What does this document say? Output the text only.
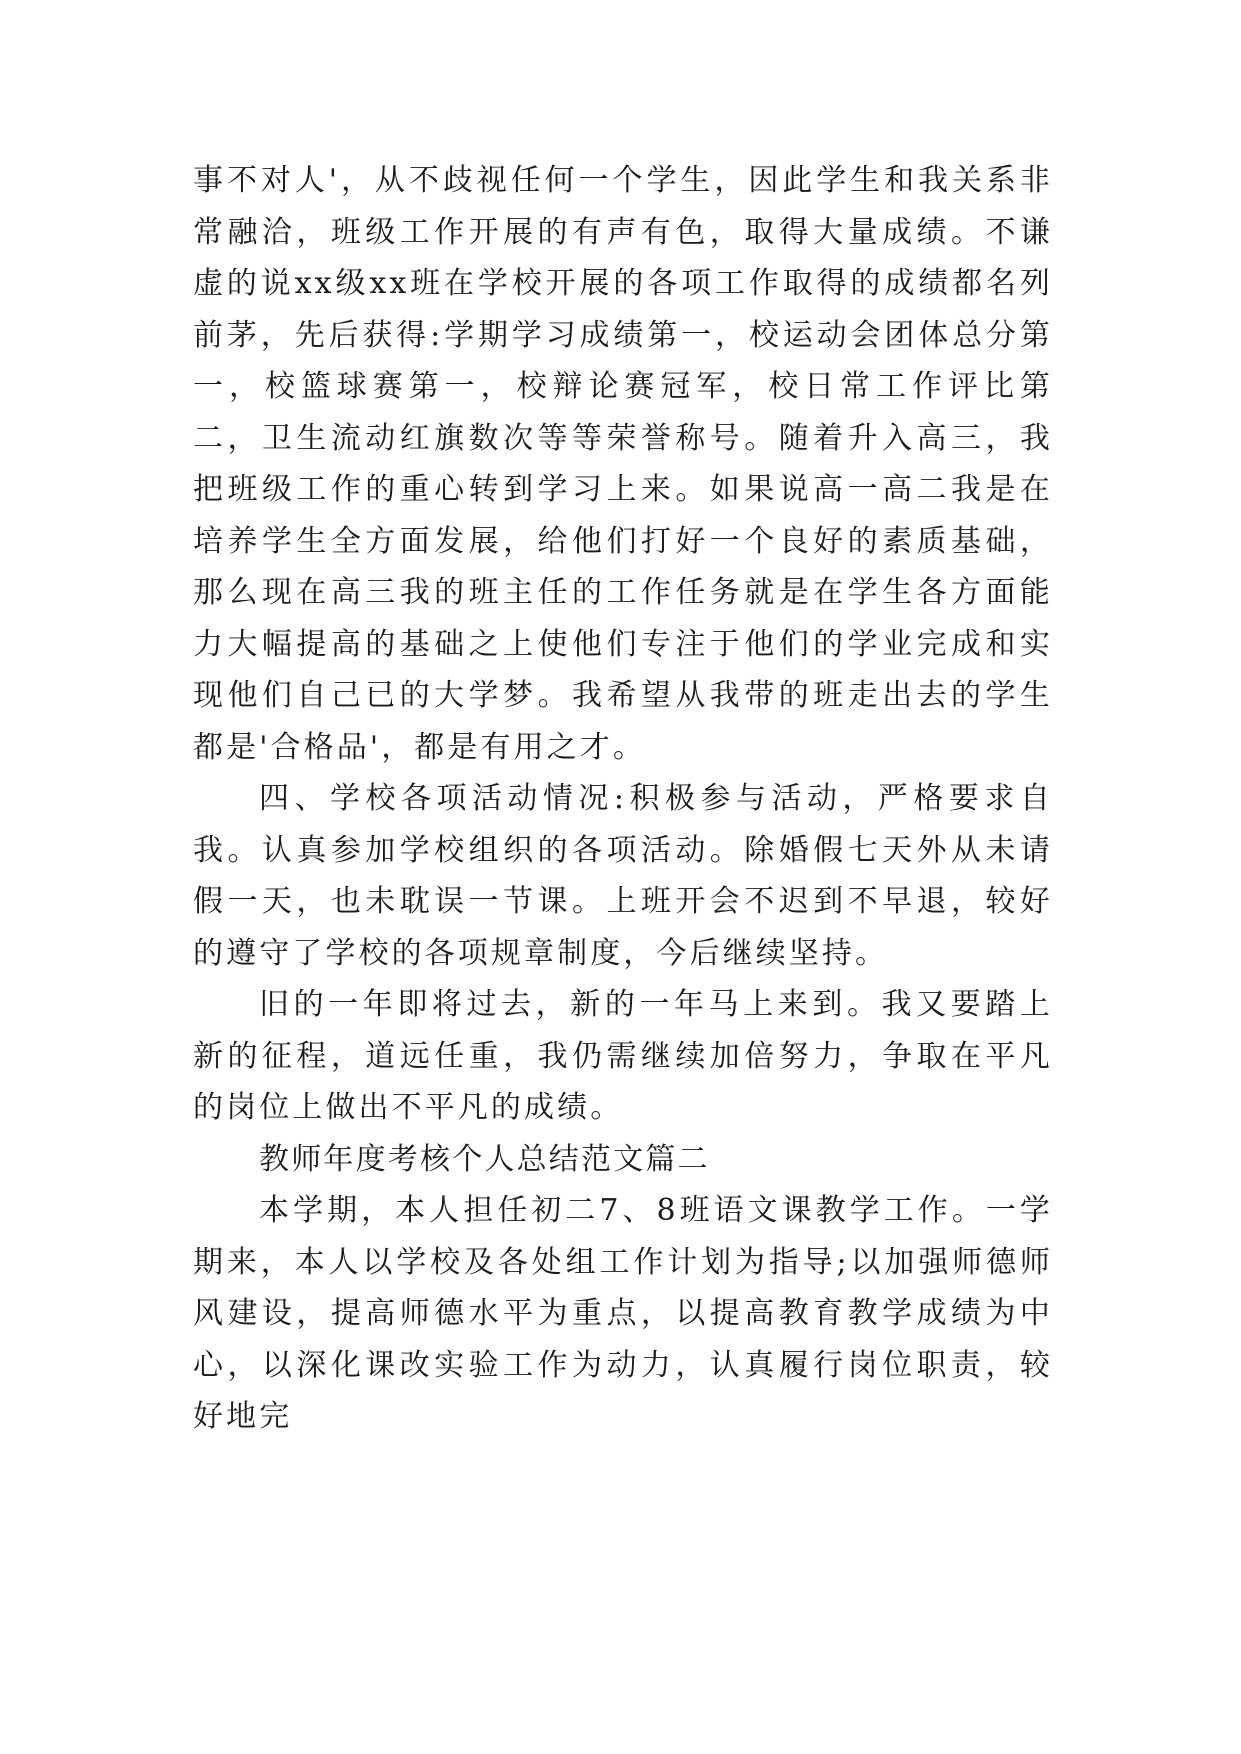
事不对人'，从不歧视任何一个学生，因此学生和我关系非常融洽，班级工作开展的有声有色，取得大量成绩。不谦虚的说xx级xx班在学校开展的各项工作取得的成绩都名列前茅，先后获得:学期学习成绩第一，校运动会团体总分第一，校篮球赛第一，校辩论赛冠军，校日常工作评比第二，卫生流动红旗数次等等荣誉称号。随着升入高三，我把班级工作的重心转到学习上来。如果说高一高二我是在培养学生全方面发展，给他们打好一个良好的素质基础，那么现在高三我的班主任的工作任务就是在学生各方面能力大幅提高的基础之上使他们专注于他们的学业完成和实现他们自己已的大学梦。我希望从我带的班走出去的学生都是'合格品'，都是有用之才。

四、学校各项活动情况:积极参与活动，严格要求自我。认真参加学校组织的各项活动。除婚假七天外从未请假一天，也未耽误一节课。上班开会不迟到不早退，较好的遵守了学校的各项规章制度，今后继续坚持。

旧的一年即将过去，新的一年马上来到。我又要踏上新的征程，道远任重，我仍需继续加倍努力，争取在平凡的岗位上做出不平凡的成绩。

教师年度考核个人总结范文篇二

本学期，本人担任初二7、8班语文课教学工作。一学期来，本人以学校及各处组工作计划为指导;以加强师德师风建设，提高师德水平为重点，以提高教育教学成绩为中心，以深化课改实验工作为动力，认真履行岗位职责，较好地完
